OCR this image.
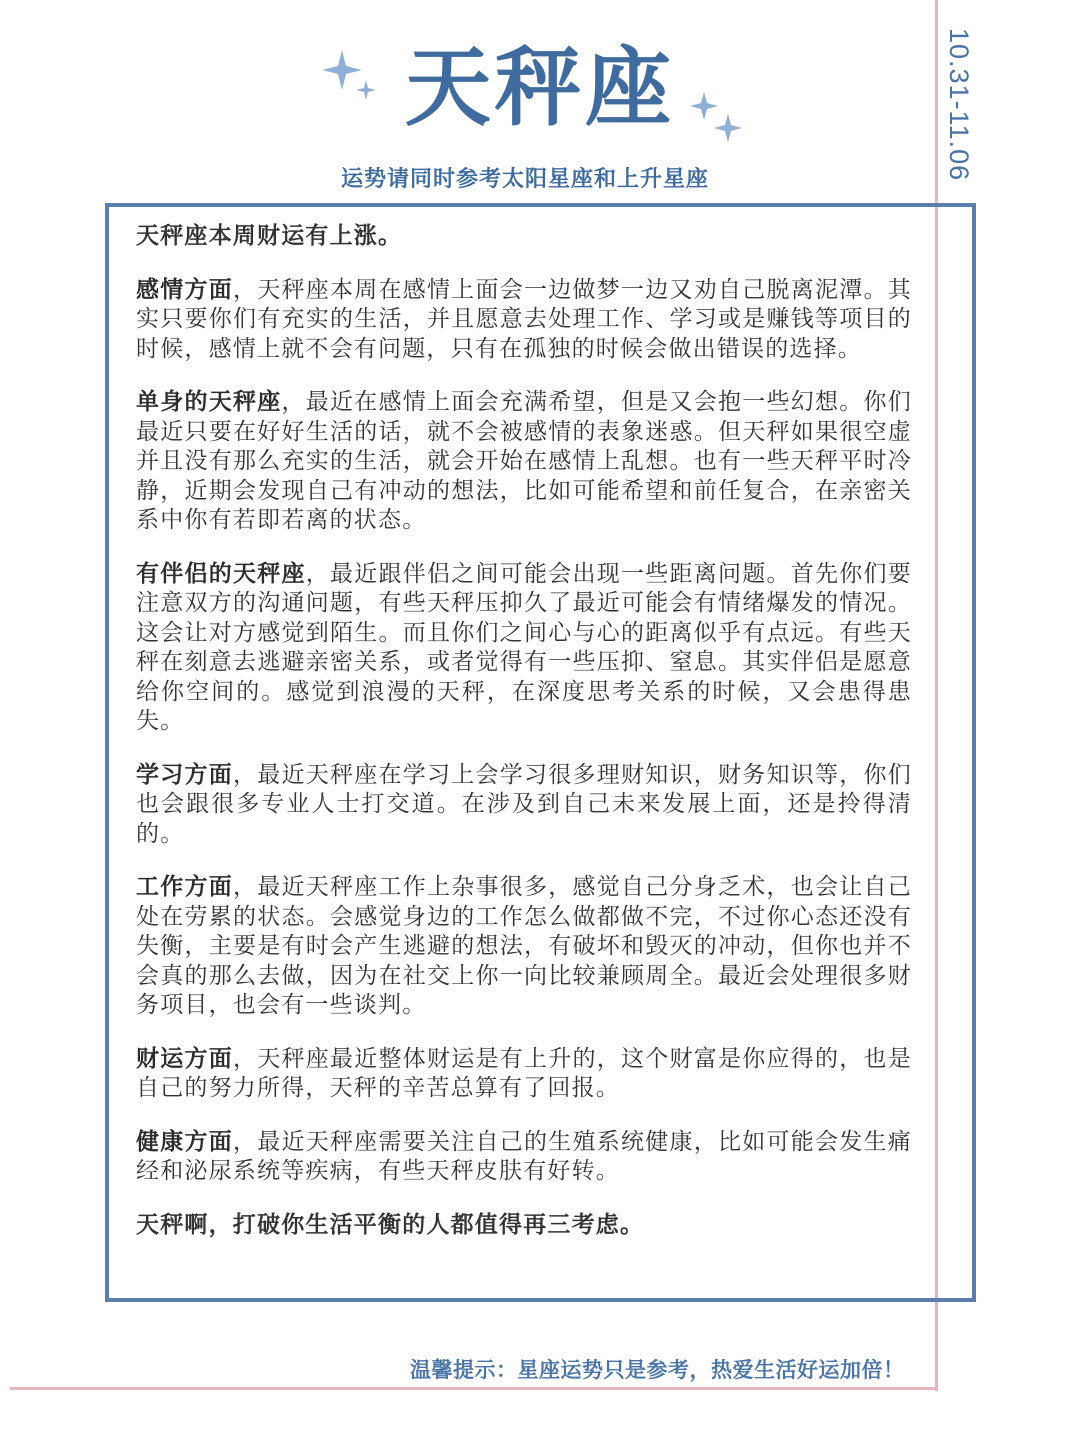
10.31-11.06
天秤座
运势请同时参考太阳星座和上升星座
天秤座本周财运有上涨。

感情方面，天秤座本周在感情上面会一边做梦一边又劝自己脱离泥潭。其实只要你们有充实的生活，并且愿意去处理工作、学习或是赚钱等项目的时候，感情上就不会有问题，只有在孤独的时候会做出错误的选择。

单身的天秤座，最近在感情上面会充满希望，但是又会抱一些幻想。你们最近只要在好好生活的话，就不会被感情的表象迷惑。但天秤如果很空虚并且没有那么充实的生活，就会开始在感情上乱想。也有一些天秤平时冷静，近期会发现自己有冲动的想法，比如可能希望和前任复合，在亲密关系中你有若即若离的状态。

有伴侣的天秤座，最近跟伴侣之间可能会出现一些距离问题。首先你们要注意双方的沟通问题，有些天秤压抑久了最近可能会有情绪爆发的情况。这会让对方感觉到陌生。而且你们之间心与心的距离似乎有点远。有些天秤在刻意去逃避亲密关系，或者觉得有一些压抑、窒息。其实伴侣是愿意给你空间的。感觉到浪漫的天秤，在深度思考关系的时候，又会患得患失。

学习方面，最近天秤座在学习上会学习很多理财知识，财务知识等，你们也会跟很多专业人士打交道。在涉及到自己未来发展上面，还是拎得清的。

工作方面，最近天秤座工作上杂事很多，感觉自己分身乏术，也会让自己处在劳累的状态。会感觉身边的工作怎么做都做不完，不过你心态还没有失衡，主要是有时会产生逃避的想法，有破坏和毁灭的冲动，但你也并不会真的那么去做，因为在社交上你一向比较兼顾周全。最近会处理很多财务项目，也会有一些谈判。

财运方面，天秤座最近整体财运是有上升的，这个财富是你应得的，也是自己的努力所得，天秤的辛苦总算有了回报。

健康方面，最近天秤座需要关注自己的生殖系统健康，比如可能会发生痛经和泌尿系统等疾病，有些天秤皮肤有好转。

天秤啊，打破你生活平衡的人都值得再三考虑。
温馨提示：星座运势只是参考，热爱生活好运加倍！
